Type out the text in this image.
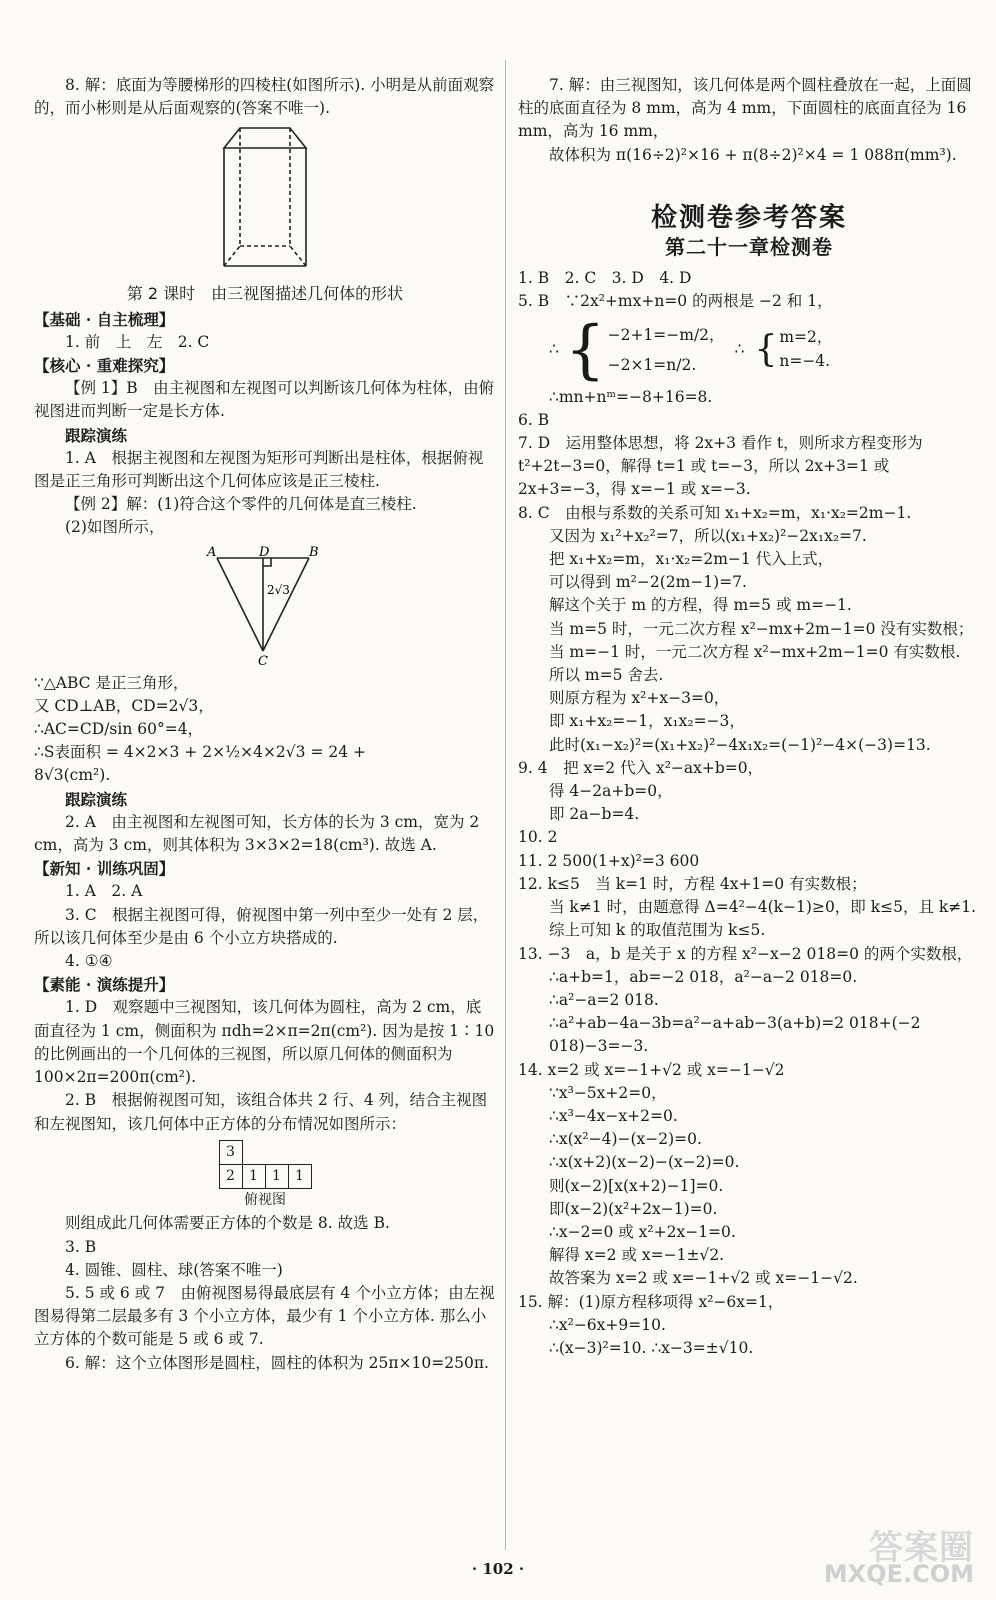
8. 解：底面为等腰梯形的四棱柱(如图所示). 小明是从前面观察的，而小彬则是从后面观察的(答案不唯一).

第 2 课时　由三视图描述几何体的形状

【基础 · 自主梳理】

1. 前　上　左　2. C

【核心 · 重难探究】

【例 1】B　由主视图和左视图可以判断该几何体为柱体，由俯视图进而判断一定是长方体.

跟踪演练

1. A　根据主视图和左视图为矩形可判断出是柱体，根据俯视图是正三角形可判断出这个几何体应该是正三棱柱.

【例 2】解：(1)符合这个零件的几何体是直三棱柱.

(2)如图所示，

A	D	B
C
2√3

∵△ABC 是正三角形，

又 CD⊥AB，CD=2√3，

∴AC=CD/sin 60°=4，

∴S表面积 = 4×2×3 + 2×½×4×2√3 = 24 +

8√3(cm²).

跟踪演练

2. A　由主视图和左视图可知，长方体的长为 3 cm，宽为 2 cm，高为 3 cm，则其体积为 3×3×2=18(cm³). 故选 A.

【新知 · 训练巩固】

1. A　2. A

3. C　根据主视图可得，俯视图中第一列中至少一处有 2 层，所以该几何体至少是由 6 个小立方块搭成的.

4. ①④

【素能 · 演练提升】

1. D　观察题中三视图知，该几何体为圆柱，高为 2 cm，底面直径为 1 cm，侧面积为 πdh=2×π=2π(cm²). 因为是按 1∶10 的比例画出的一个几何体的三视图，所以原几何体的侧面积为 100×2π=200π(cm²).

2. B　根据俯视图可知，该组合体共 2 行、4 列，结合主视图和左视图知，该几何体中正方体的分布情况如图所示：

3			
2	1	1	1

俯视图

则组成此几何体需要正方体的个数是 8. 故选 B.

3. B

4. 圆锥、圆柱、球(答案不唯一)

5. 5 或 6 或 7　由俯视图易得最底层有 4 个小立方体；由左视图易得第二层最多有 3 个小立方体，最少有 1 个小立方体. 那么小立方体的个数可能是 5 或 6 或 7.

6. 解：这个立体图形是圆柱，圆柱的体积为 25π×10=250π.

7. 解：由三视图知，该几何体是两个圆柱叠放在一起，上面圆柱的底面直径为 8 mm，高为 4 mm，下面圆柱的底面直径为 16 mm，高为 16 mm，

故体积为 π(16÷2)²×16 + π(8÷2)²×4 = 1 088π(mm³).

检测卷参考答案

第二十一章检测卷

1. B　2. C　3. D　4. D

5. B　∵2x²+mx+n=0 的两根是 −2 和 1，

∴ { −2+1=−m/2，

−2×1=n/2.

∴ { m=2，

n=−4.

∴mn+nᵐ=−8+16=8.

6. B

7. D　运用整体思想，将 2x+3 看作 t，则所求方程变形为 t²+2t−3=0，解得 t=1 或 t=−3，所以 2x+3=1 或 2x+3=−3，得 x=−1 或 x=−3.

8. C　由根与系数的关系可知 x₁+x₂=m，x₁·x₂=2m−1.

又因为 x₁²+x₂²=7，所以(x₁+x₂)²−2x₁x₂=7.

把 x₁+x₂=m，x₁·x₂=2m−1 代入上式，

可以得到 m²−2(2m−1)=7.

解这个关于 m 的方程，得 m=5 或 m=−1.

当 m=5 时，一元二次方程 x²−mx+2m−1=0 没有实数根；

当 m=−1 时，一元二次方程 x²−mx+2m−1=0 有实数根.

所以 m=5 舍去.

则原方程为 x²+x−3=0，

即 x₁+x₂=−1，x₁x₂=−3，

此时(x₁−x₂)²=(x₁+x₂)²−4x₁x₂=(−1)²−4×(−3)=13.

9. 4　把 x=2 代入 x²−ax+b=0，

得 4−2a+b=0，

即 2a−b=4.

10. 2

11. 2 500(1+x)²=3 600

12. k≤5　当 k=1 时，方程 4x+1=0 有实数根；

当 k≠1 时，由题意得 Δ=4²−4(k−1)≥0，即 k≤5，且 k≠1.

综上可知 k 的取值范围为 k≤5.

13. −3　a，b 是关于 x 的方程 x²−x−2 018=0 的两个实数根，

∴a+b=1，ab=−2 018，a²−a−2 018=0.

∴a²−a=2 018.

∴a²+ab−4a−3b=a²−a+ab−3(a+b)=2 018+(−2 018)−3=−3.

14. x=2 或 x=−1+√2 或 x=−1−√2

∵x³−5x+2=0，

∴x³−4x−x+2=0.

∴x(x²−4)−(x−2)=0.

∴x(x+2)(x−2)−(x−2)=0.

则(x−2)[x(x+2)−1]=0.

即(x−2)(x²+2x−1)=0.

∴x−2=0 或 x²+2x−1=0.

解得 x=2 或 x=−1±√2.

故答案为 x=2 或 x=−1+√2 或 x=−1−√2.

15. 解：(1)原方程移项得 x²−6x=1，

∴x²−6x+9=10.

∴(x−3)²=10. ∴x−3=±√10.

· 102 ·
答案圈
MXQE.COM
